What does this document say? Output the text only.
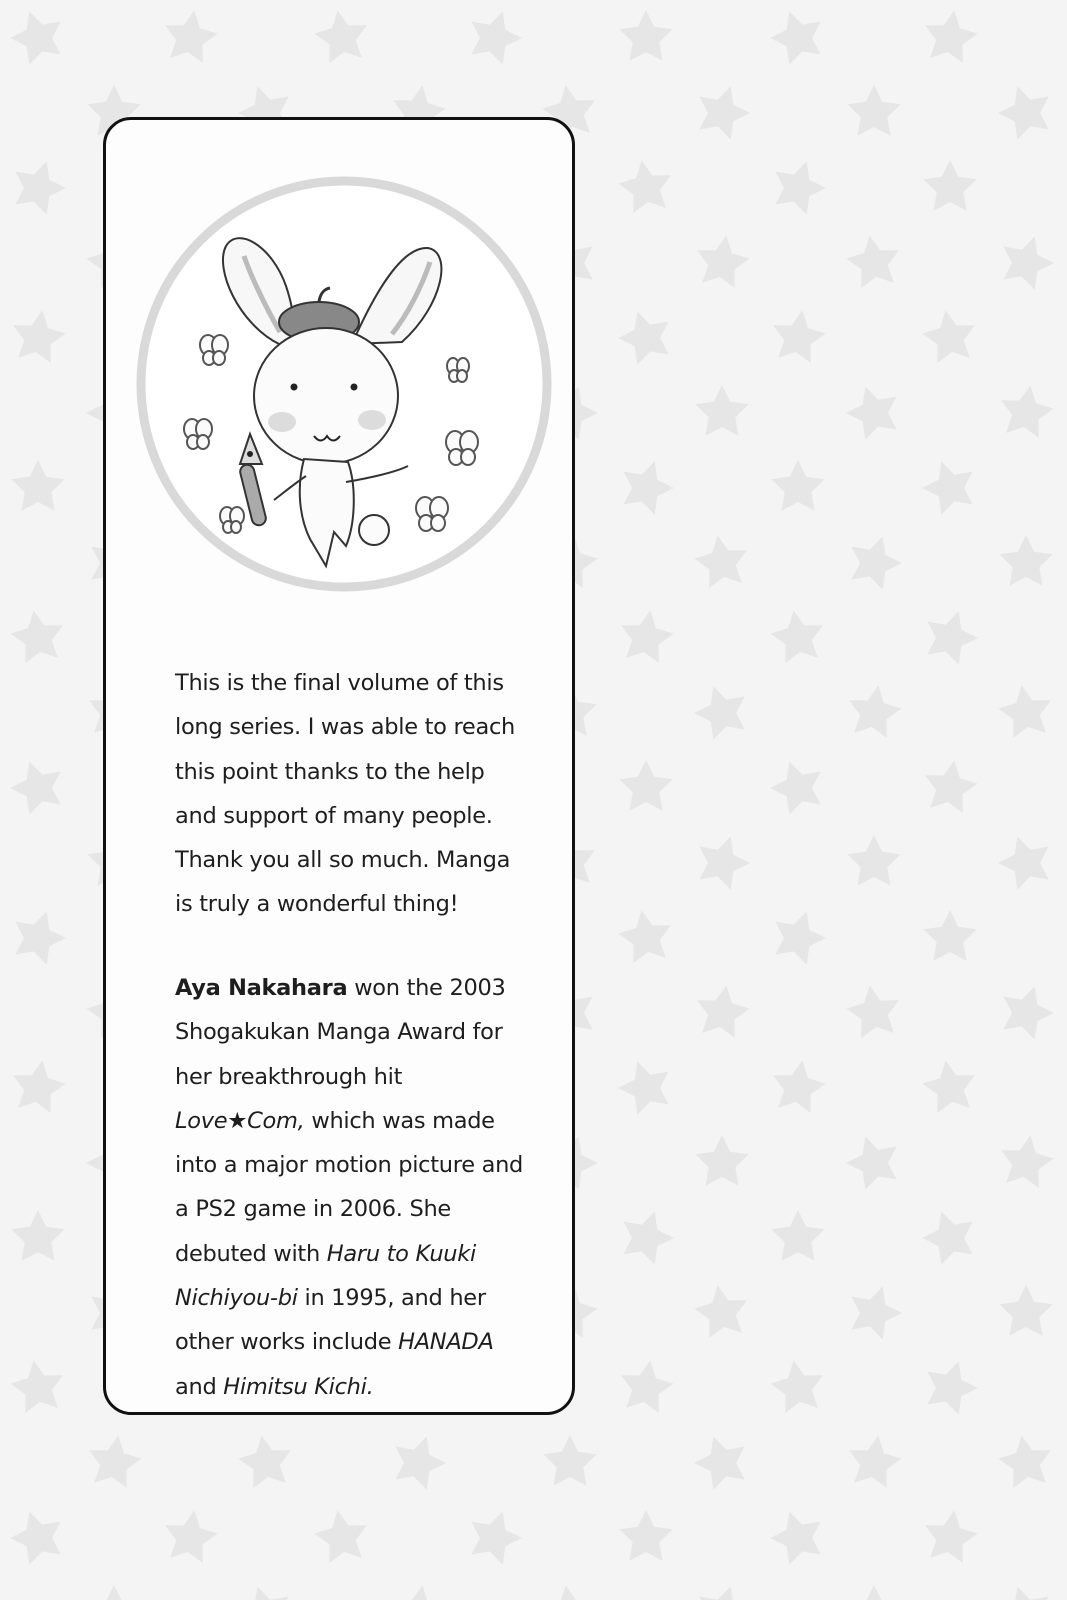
This is the final volume of this long series. I was able to reach this point thanks to the help and support of many people. Thank you all so much. Manga is truly a wonderful thing!

Aya Nakahara won the 2003 Shogakukan Manga Award for her breakthrough hit Love★Com, which was made into a major motion picture and a PS2 game in 2006. She debuted with Haru to Kuuki Nichiyou-bi in 1995, and her other works include HANADA and Himitsu Kichi.
